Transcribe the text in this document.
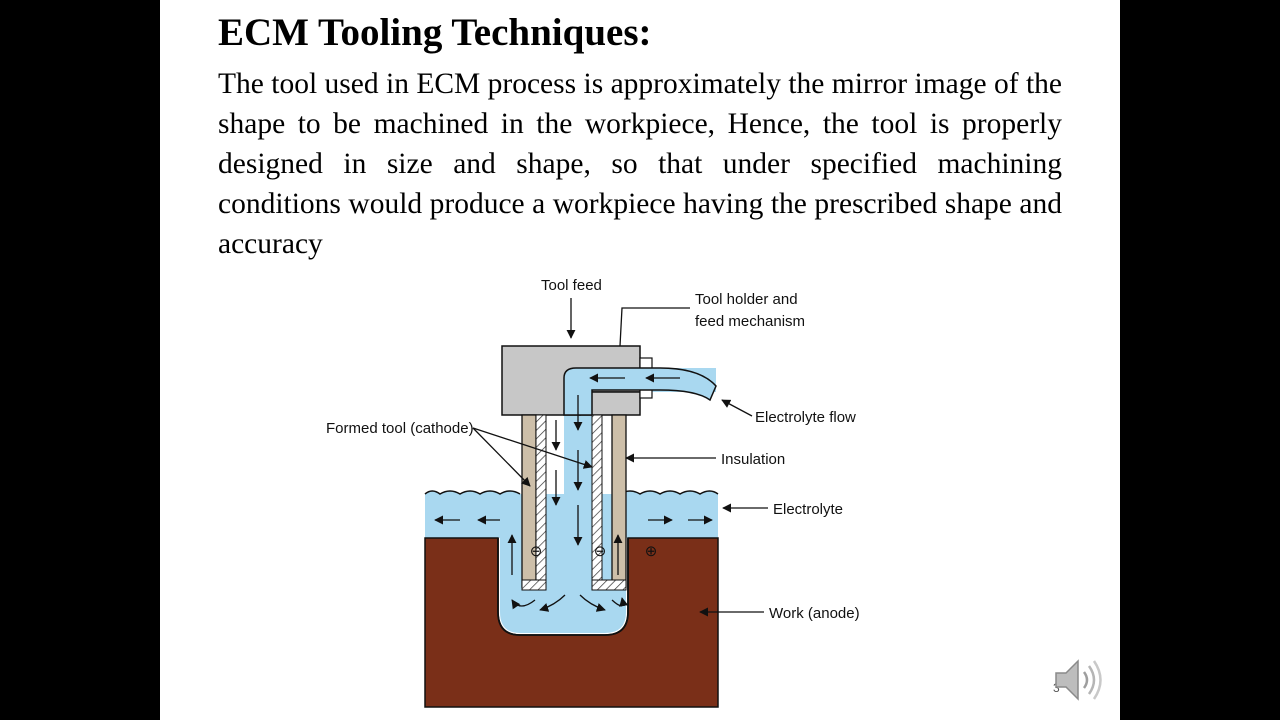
ECM Tooling Techniques:

The tool used in ECM process is approximately the mirror image of the shape to be machined in the workpiece, Hence, the tool is properly designed in size and shape, so that under specified machining conditions would produce a workpiece having the prescribed shape and accuracy

⊖	⊖	⊕
Tool feed
Tool holder and
feed mechanism
Electrolyte flow
Formed tool (cathode)
Insulation
Electrolyte
Work (anode)
3
